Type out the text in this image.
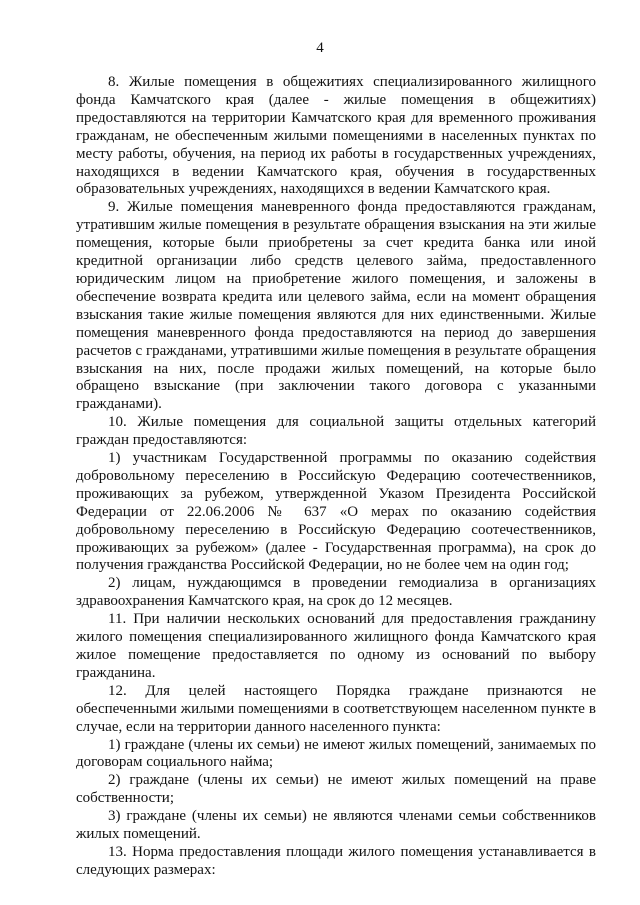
4

8. Жилые помещения в общежитиях специализированного жилищного фонда Камчатского края (далее - жилые помещения в общежитиях) предоставляются на территории Камчатского края для временного проживания гражданам, не обеспеченным жилыми помещениями в населенных пунктах по месту работы, обучения, на период их работы в государственных учреждениях, находящихся в ведении Камчатского края, обучения в государственных образовательных учреждениях, находящихся в ведении Камчатского края.

9. Жилые помещения маневренного фонда предоставляются гражданам, утратившим жилые помещения в результате обращения взыскания на эти жилые помещения, которые были приобретены за счет кредита банка или иной кредитной организации либо средств целевого займа, предоставленного юридическим лицом на приобретение жилого помещения, и заложены в обеспечение возврата кредита или целевого займа, если на момент обращения взыскания такие жилые помещения являются для них единственными. Жилые помещения маневренного фонда предоставляются на период до завершения расчетов с гражданами, утратившими жилые помещения в результате обращения взыскания на них, после продажи жилых помещений, на которые было обращено взыскание (при заключении такого договора с указанными гражданами).

10. Жилые помещения для социальной защиты отдельных категорий граждан предоставляются:

1) участникам Государственной программы по оказанию содействия добровольному переселению в Российскую Федерацию соотечественников, проживающих за рубежом, утвержденной Указом Президента Российской Федерации от 22.06.2006 № 637 «О мерах по оказанию содействия добровольному переселению в Российскую Федерацию соотечественников, проживающих за рубежом» (далее - Государственная программа), на срок до получения гражданства Российской Федерации, но не более чем на один год;

2) лицам, нуждающимся в проведении гемодиализа в организациях здравоохранения Камчатского края, на срок до 12 месяцев.

11. При наличии нескольких оснований для предоставления гражданину жилого помещения специализированного жилищного фонда Камчатского края жилое помещение предоставляется по одному из оснований по выбору гражданина.

12. Для целей настоящего Порядка граждане признаются не обеспеченными жилыми помещениями в соответствующем населенном пункте в случае, если на территории данного населенного пункта:

1) граждане (члены их семьи) не имеют жилых помещений, занимаемых по договорам социального найма;

2) граждане (члены их семьи) не имеют жилых помещений на праве собственности;

3) граждане (члены их семьи) не являются членами семьи собственников жилых помещений.

13. Норма предоставления площади жилого помещения устанавливается в следующих размерах:
